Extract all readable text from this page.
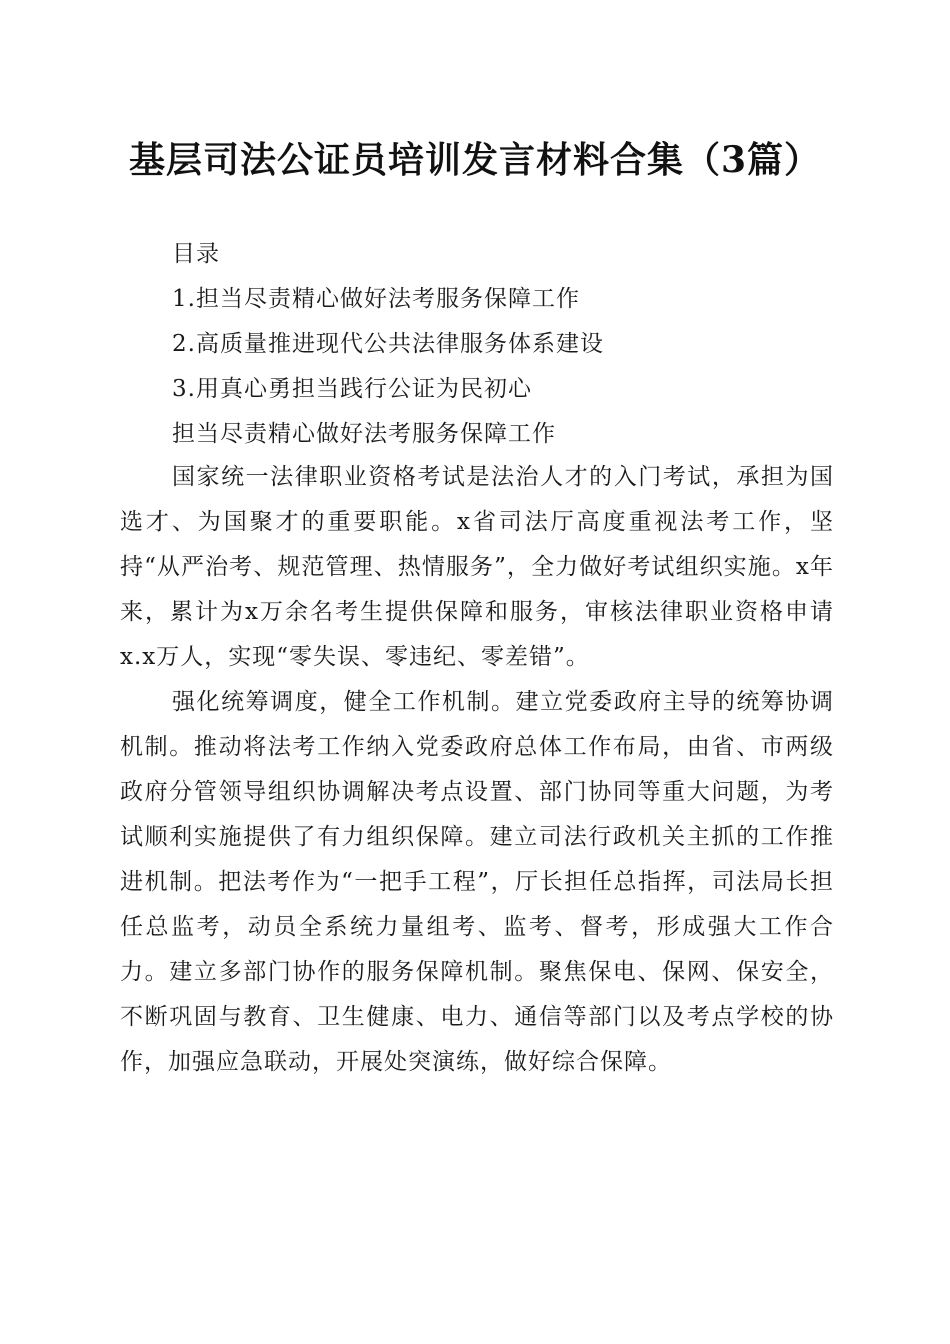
基层司法公证员培训发言材料合集（3篇）
目录
1.担当尽责精心做好法考服务保障工作
2.高质量推进现代公共法律服务体系建设
3.用真心勇担当践行公证为民初心
担当尽责精心做好法考服务保障工作

国家统一法律职业资格考试是法治人才的入门考试，承担为国选才、为国聚才的重要职能。x省司法厅高度重视法考工作，坚持“从严治考、规范管理、热情服务”，全力做好考试组织实施。x年来，累计为x万余名考生提供保障和服务，审核法律职业资格申请x.x万人，实现“零失误、零违纪、零差错”。

强化统筹调度，健全工作机制。建立党委政府主导的统筹协调机制。推动将法考工作纳入党委政府总体工作布局，由省、市两级政府分管领导组织协调解决考点设置、部门协同等重大问题，为考试顺利实施提供了有力组织保障。建立司法行政机关主抓的工作推进机制。把法考作为“一把手工程”，厅长担任总指挥，司法局长担任总监考，动员全系统力量组考、监考、督考，形成强大工作合力。建立多部门协作的服务保障机制。聚焦保电、保网、保安全，不断巩固与教育、卫生健康、电力、通信等部门以及考点学校的协作，加强应急联动，开展处突演练，做好综合保障。
